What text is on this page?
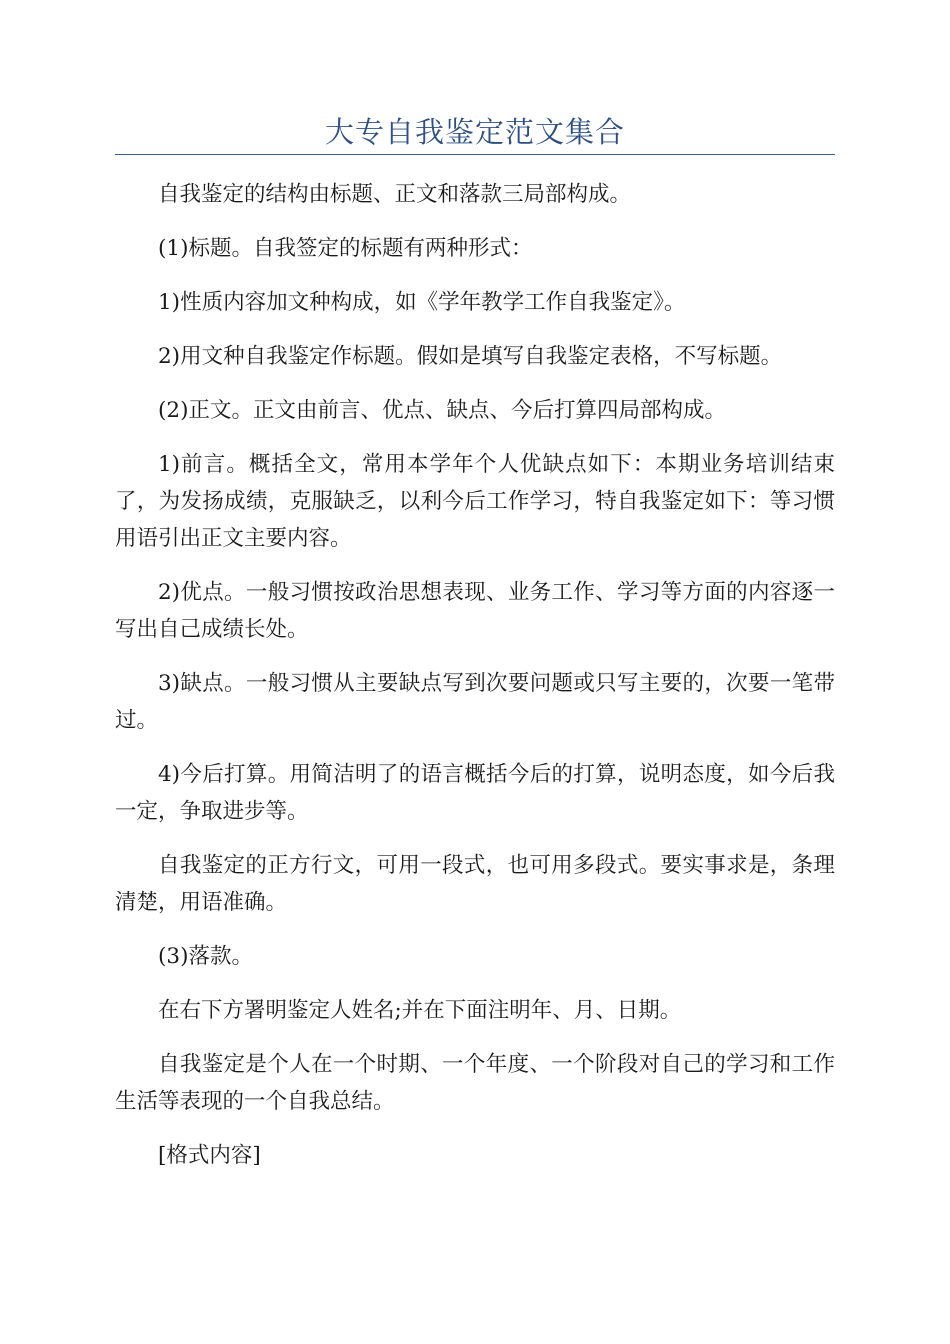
大专自我鉴定范文集合

自我鉴定的结构由标题、正文和落款三局部构成。

(1)标题。自我签定的标题有两种形式：

1)性质内容加文种构成，如《学年教学工作自我鉴定》。

2)用文种自我鉴定作标题。假如是填写自我鉴定表格，不写标题。

(2)正文。正文由前言、优点、缺点、今后打算四局部构成。

1)前言。概括全文，常用本学年个人优缺点如下：本期业务培训结束了，为发扬成绩，克服缺乏，以利今后工作学习，特自我鉴定如下：等习惯用语引出正文主要内容。

2)优点。一般习惯按政治思想表现、业务工作、学习等方面的内容逐一写出自己成绩长处。

3)缺点。一般习惯从主要缺点写到次要问题或只写主要的，次要一笔带过。

4)今后打算。用简洁明了的语言概括今后的打算，说明态度，如今后我一定，争取进步等。

自我鉴定的正方行文，可用一段式，也可用多段式。要实事求是，条理清楚，用语准确。

(3)落款。

在右下方署明鉴定人姓名;并在下面注明年、月、日期。

自我鉴定是个人在一个时期、一个年度、一个阶段对自己的学习和工作生活等表现的一个自我总结。

[格式内容]
